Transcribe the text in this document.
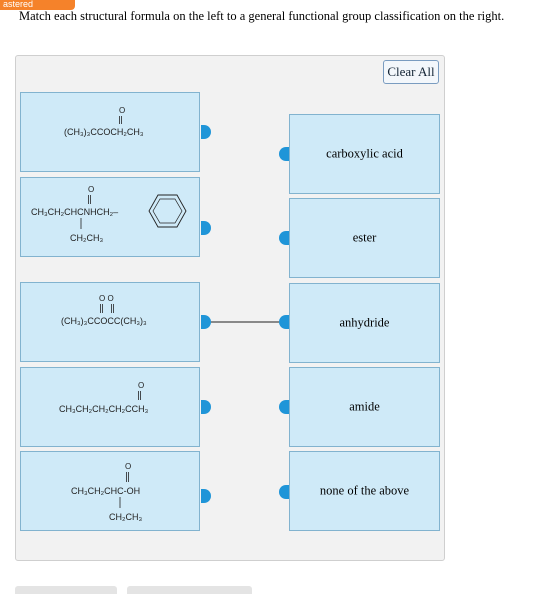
astered
Match each structural formula on the left to a general functional group classification on the right.
Clear All
O
(CH₃)₃CCOCH₂CH₃
O
CH₃CH₂CHCNHCH₂–
CH₂CH₃
O O
(CH₃)₃CCOCC(CH₃)₃
O
CH₃CH₂CH₂CH₂CCH₃
O
CH₃CH₂CHC-OH
CH₂CH₃
carboxylic acid
ester
anhydride
amide
none of the above
